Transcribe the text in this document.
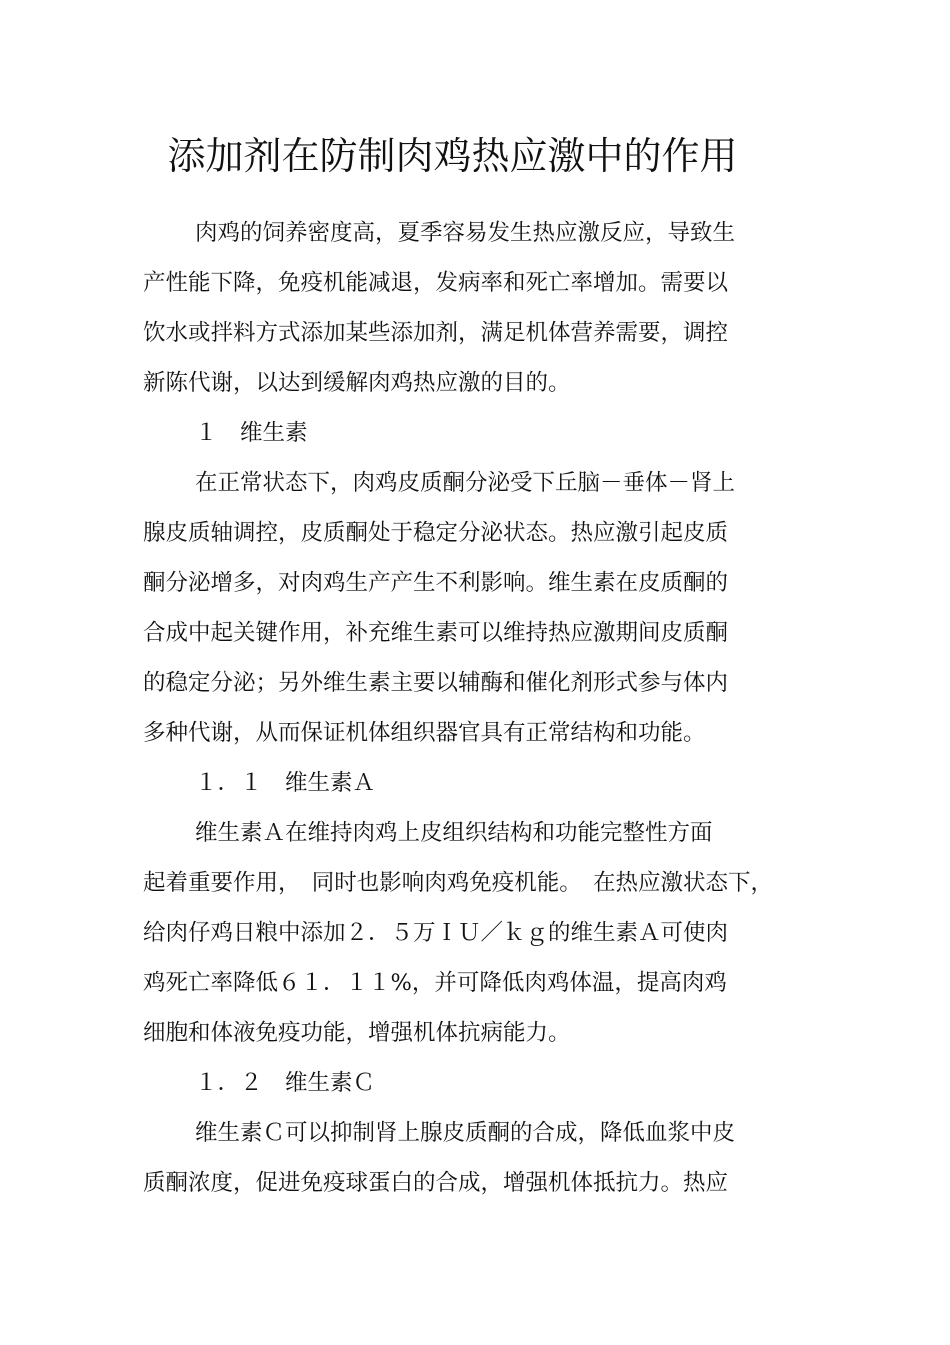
添加剂在防制肉鸡热应激中的作用

肉鸡的饲养密度高，夏季容易发生热应激反应，导致生

产性能下降，免疫机能减退，发病率和死亡率增加。需要以

饮水或拌料方式添加某些添加剂，满足机体营养需要，调控

新陈代谢，以达到缓解肉鸡热应激的目的。

１　维生素

在正常状态下，肉鸡皮质酮分泌受下丘脑－垂体－肾上

腺皮质轴调控，皮质酮处于稳定分泌状态。热应激引起皮质

酮分泌增多，对肉鸡生产产生不利影响。维生素在皮质酮的

合成中起关键作用，补充维生素可以维持热应激期间皮质酮

的稳定分泌；另外维生素主要以辅酶和催化剂形式参与体内

多种代谢，从而保证机体组织器官具有正常结构和功能。

１．１　维生素Ａ

维生素Ａ在维持肉鸡上皮组织结构和功能完整性方面

起着重要作用，　同时也影响肉鸡免疫机能。　在热应激状态下，

给肉仔鸡日粮中添加２．５万ＩＵ／ｋｇ的维生素Ａ可使肉

鸡死亡率降低６１．１１%，并可降低肉鸡体温，提高肉鸡

细胞和体液免疫功能，增强机体抗病能力。

１．２　维生素Ｃ

维生素Ｃ可以抑制肾上腺皮质酮的合成，降低血浆中皮

质酮浓度，促进免疫球蛋白的合成，增强机体抵抗力。热应
